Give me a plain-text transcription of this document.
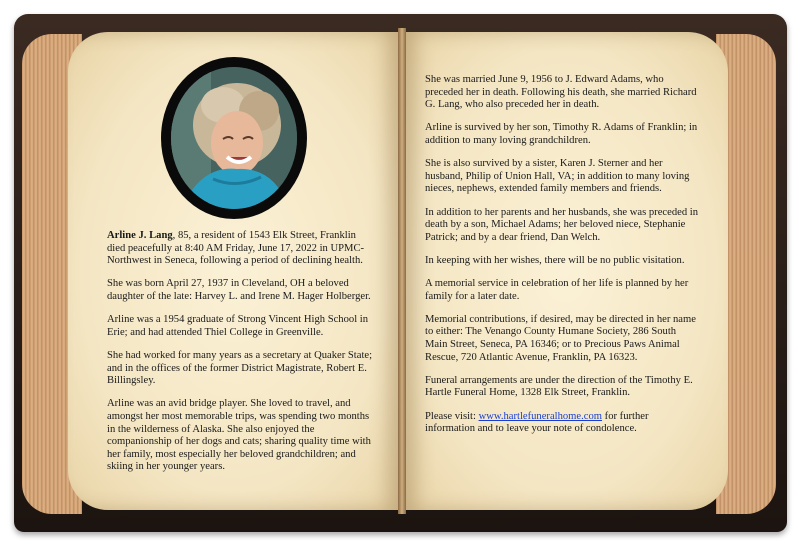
Arline J. Lang, 85, a resident of 1543 Elk Street, Franklin died peacefully at 8:40 AM Friday, June 17, 2022 in UPMC-Northwest in Seneca, following a period of declining health.

She was born April 27, 1937 in Cleveland, OH a beloved daughter of the late: Harvey L. and Irene M. Hager Holberger.

Arline was a 1954 graduate of Strong Vincent High School in Erie; and had attended Thiel College in Greenville.

She had worked for many years as a secretary at Quaker State; and in the offices of the former District Magistrate, Robert E. Billingsley.

Arline was an avid bridge player. She loved to travel, and amongst her most memorable trips, was spending two months in the wilderness of Alaska. She also enjoyed the companionship of her dogs and cats; sharing quality time with her family, most especially her beloved grandchildren; and skiing in her younger years.

She was married June 9, 1956 to J. Edward Adams, who preceded her in death. Following his death, she married Richard G. Lang, who also preceded her in death.

Arline is survived by her son, Timothy R. Adams of Franklin; in addition to many loving grandchildren.

She is also survived by a sister, Karen J. Sterner and her husband, Philip of Union Hall, VA; in addition to many loving nieces, nephews, extended family members and friends.

In addition to her parents and her husbands, she was preceded in death by a son, Michael Adams; her beloved niece, Stephanie Patrick; and by a dear friend, Dan Welch.

In keeping with her wishes, there will be no public visitation.

A memorial service in celebration of her life is planned by her family for a later date.

Memorial contributions, if desired, may be directed in her name to either: The Venango County Humane Society, 286 South Main Street, Seneca, PA 16346; or to Precious Paws Animal Rescue, 720 Atlantic Avenue, Franklin, PA 16323.

Funeral arrangements are under the direction of the Timothy E. Hartle Funeral Home, 1328 Elk Street, Franklin.

Please visit: www.hartlefuneralhome.com for further information and to leave your note of condolence.
